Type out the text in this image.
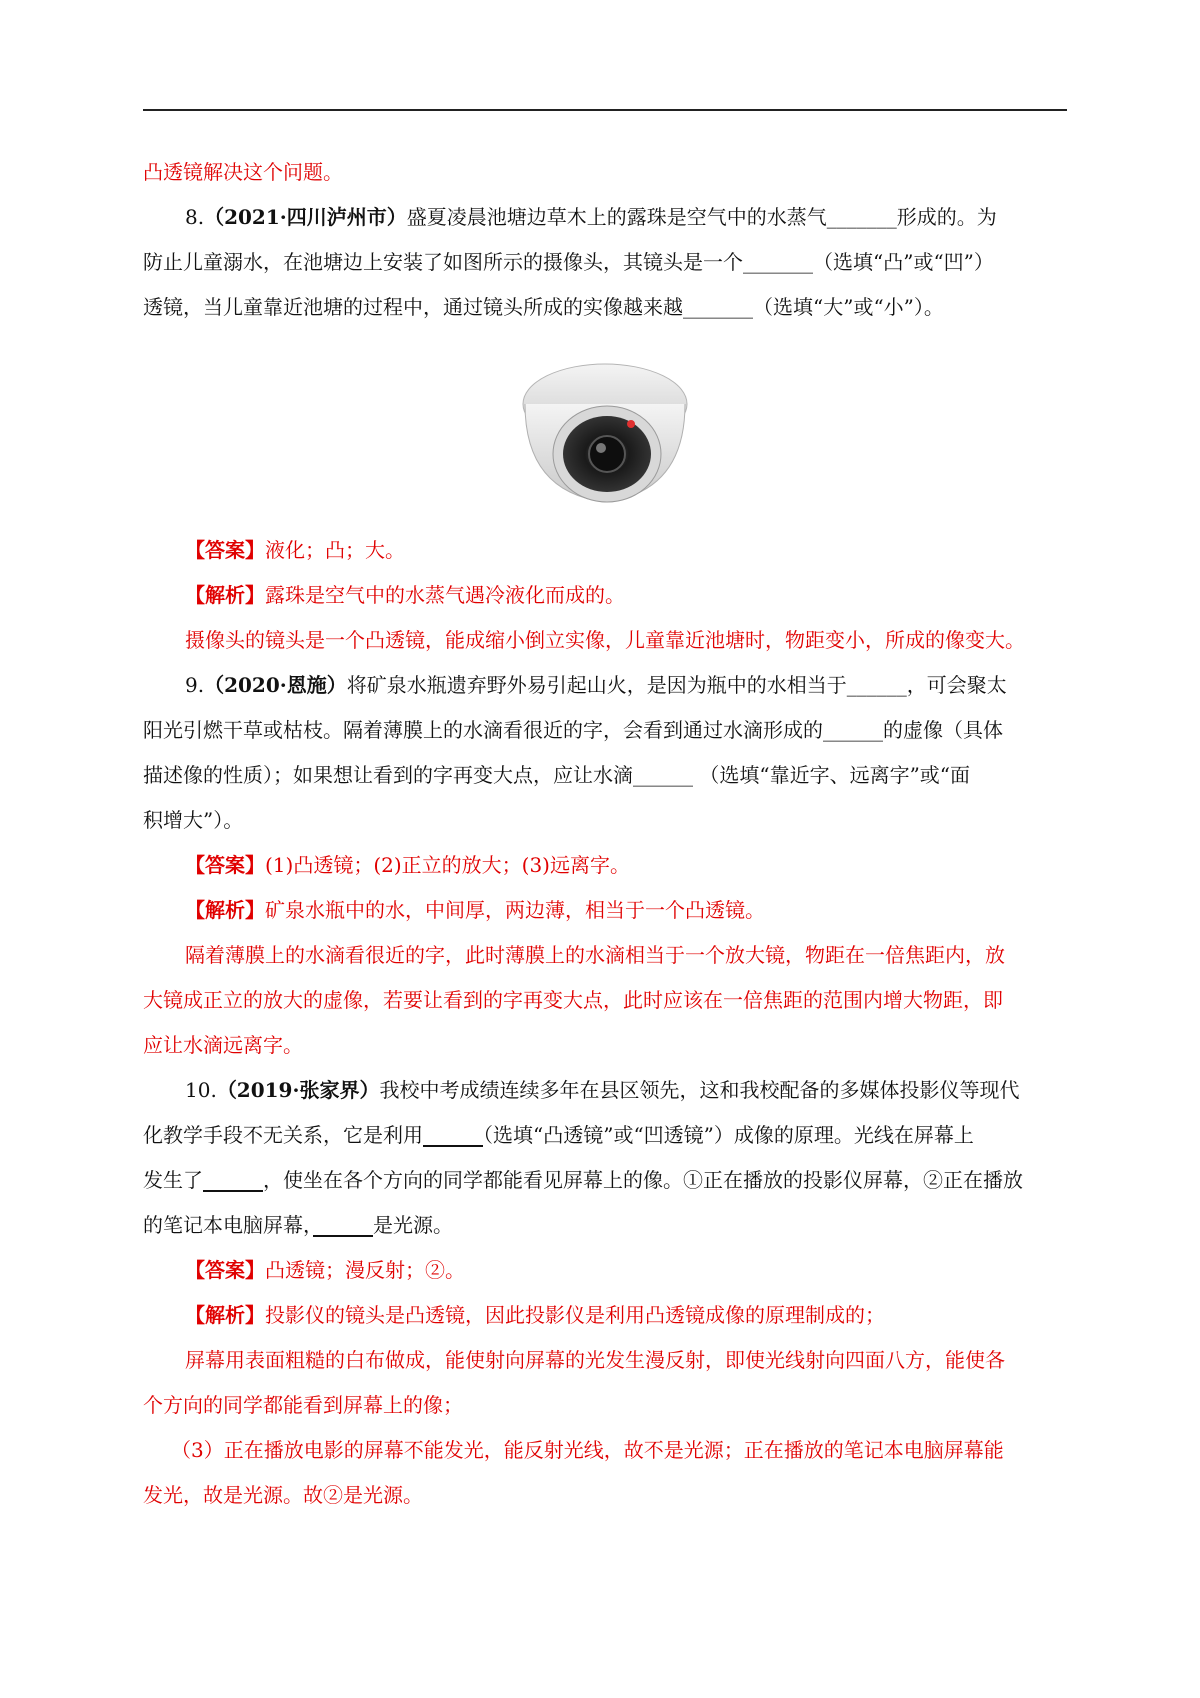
凸透镜解决这个问题。
8.（2021·四川泸州市）盛夏凌晨池塘边草木上的露珠是空气中的水蒸气_______形成的。为
防止儿童溺水，在池塘边上安装了如图所示的摄像头，其镜头是一个_______（选填“凸”或“凹”）
透镜，当儿童靠近池塘的过程中，通过镜头所成的实像越来越_______（选填“大”或“小”）。
【答案】液化；凸；大。
【解析】露珠是空气中的水蒸气遇冷液化而成的。
摄像头的镜头是一个凸透镜，能成缩小倒立实像，儿童靠近池塘时，物距变小，所成的像变大。
9.（2020·恩施）将矿泉水瓶遗弃野外易引起山火，是因为瓶中的水相当于______，可会聚太
阳光引燃干草或枯枝。隔着薄膜上的水滴看很近的字，会看到通过水滴形成的______的虚像（具体
描述像的性质）；如果想让看到的字再变大点，应让水滴______ （选填“靠近字、远离字”或“面
积增大”）。
【答案】(1)凸透镜；(2)正立的放大；(3)远离字。
【解析】矿泉水瓶中的水，中间厚，两边薄，相当于一个凸透镜。
隔着薄膜上的水滴看很近的字，此时薄膜上的水滴相当于一个放大镜，物距在一倍焦距内，放
大镜成正立的放大的虚像，若要让看到的字再变大点，此时应该在一倍焦距的范围内增大物距，即
应让水滴远离字。
10.（2019·张家界）我校中考成绩连续多年在县区领先，这和我校配备的多媒体投影仪等现代
化教学手段不无关系，它是利用　　　	（选填“凸透镜”或“凹透镜”）成像的原理。光线在屏幕上
发生了　　　	，使坐在各个方向的同学都能看见屏幕上的像。①正在播放的投影仪屏幕，②正在播放
的笔记本电脑屏幕，　　　	是光源。
【答案】凸透镜；漫反射；②。
【解析】投影仪的镜头是凸透镜，因此投影仪是利用凸透镜成像的原理制成的；
屏幕用表面粗糙的白布做成，能使射向屏幕的光发生漫反射，即使光线射向四面八方，能使各
个方向的同学都能看到屏幕上的像；
（3）正在播放电影的屏幕不能发光，能反射光线，故不是光源；正在播放的笔记本电脑屏幕能
发光，故是光源。故②是光源。
